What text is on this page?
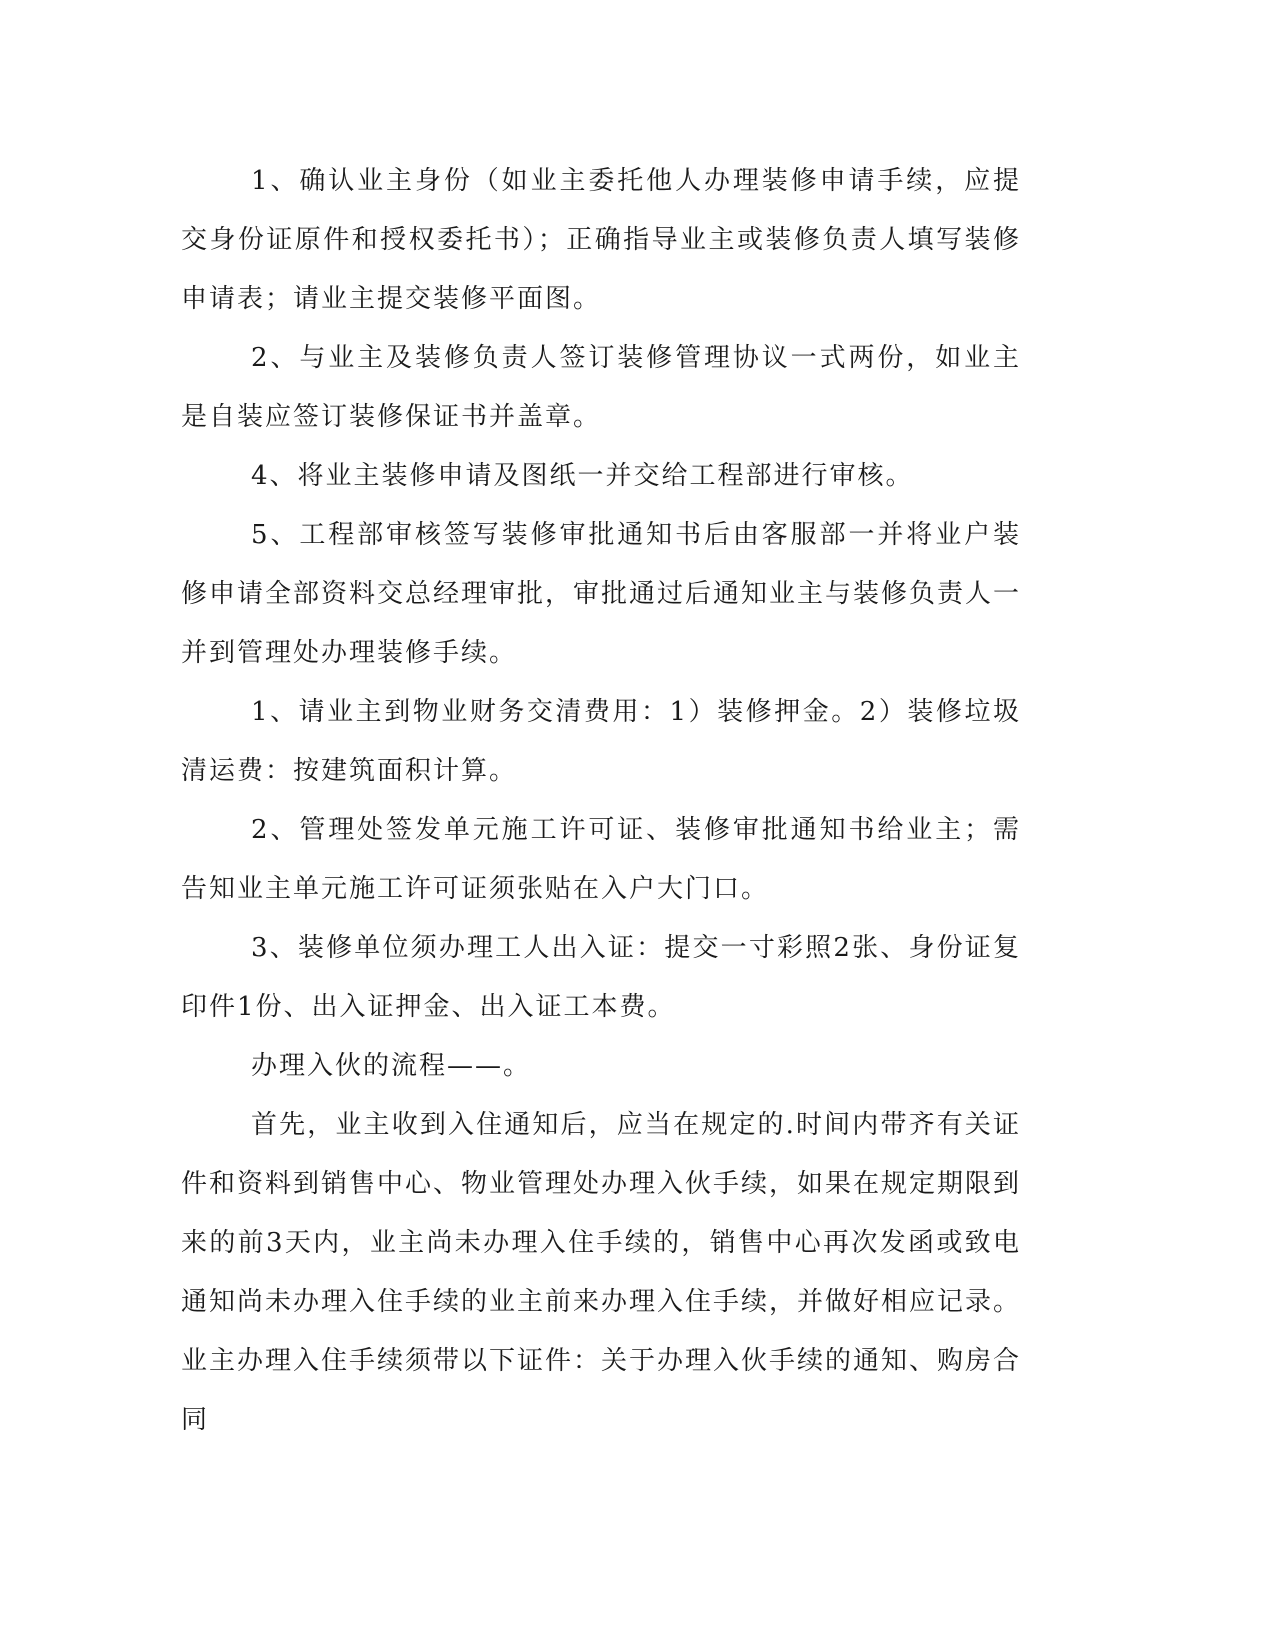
1、确认业主身份（如业主委托他人办理装修申请手续，应提交身份证原件和授权委托书）；正确指导业主或装修负责人填写装修申请表；请业主提交装修平面图。

2、与业主及装修负责人签订装修管理协议一式两份，如业主是自装应签订装修保证书并盖章。

4、将业主装修申请及图纸一并交给工程部进行审核。

5、工程部审核签写装修审批通知书后由客服部一并将业户装修申请全部资料交总经理审批，审批通过后通知业主与装修负责人一并到管理处办理装修手续。

1、请业主到物业财务交清费用：1）装修押金。2）装修垃圾清运费：按建筑面积计算。

2、管理处签发单元施工许可证、装修审批通知书给业主；需告知业主单元施工许可证须张贴在入户大门口。

3、装修单位须办理工人出入证：提交一寸彩照2张、身份证复印件1份、出入证押金、出入证工本费。

办理入伙的流程——。

首先，业主收到入住通知后，应当在规定的.时间内带齐有关证件和资料到销售中心、物业管理处办理入伙手续，如果在规定期限到来的前3天内，业主尚未办理入住手续的，销售中心再次发函或致电通知尚未办理入住手续的业主前来办理入住手续，并做好相应记录。业主办理入住手续须带以下证件：关于办理入伙手续的通知、购房合同
